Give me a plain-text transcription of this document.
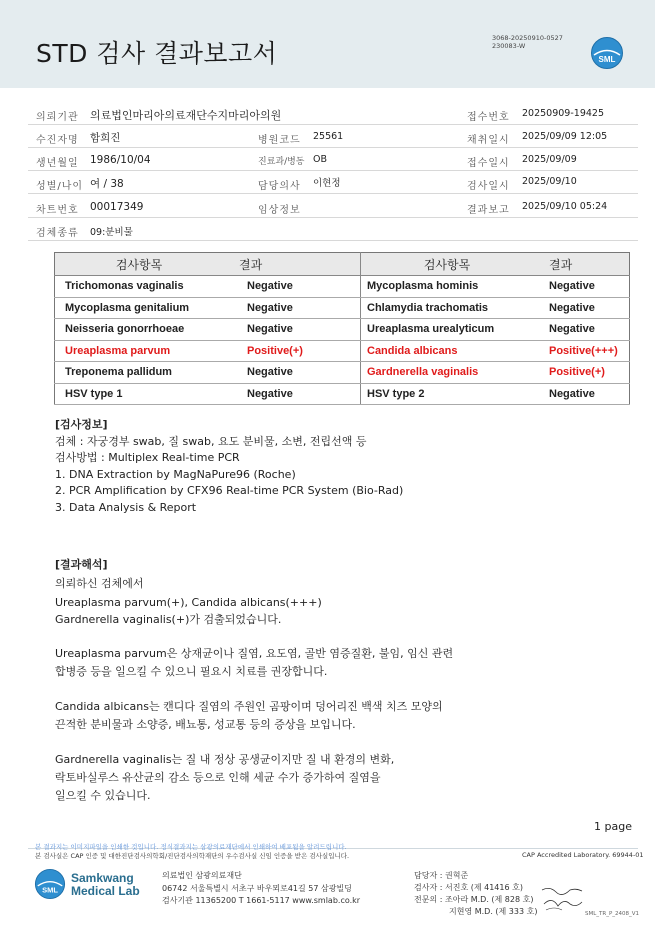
STD 검사 결과보고서
3068-20250910-0527
230083-W
SML
의뢰기관 의료법인마리아의료재단수지마리아의원	접수번호 20250909-19425
수진자명 함희진	병원코드 25561	채취일시 2025/09/09 12:05
생년월일 1986/10/04	진료과/병동 OB	접수일시 2025/09/09
성별/나이 여 / 38	담당의사 이현정	검사일시 2025/09/10
차트번호 00017349	임상정보	결과보고 2025/09/10 05:24
검체종류 09:분비물
검사항목	결과	검사항목	결과
Trichomonas vaginalis	Negative	Mycoplasma hominis	Negative
Mycoplasma genitalium	Negative	Chlamydia trachomatis	Negative
Neisseria gonorrhoeae	Negative	Ureaplasma urealyticum	Negative
Ureaplasma parvum	Positive(+)	Candida albicans	Positive(+++)
Treponema pallidum	Negative	Gardnerella vaginalis	Positive(+)
HSV type 1	Negative	HSV type 2	Negative
[검사정보]
검체 : 자궁경부 swab, 질 swab, 요도 분비물, 소변, 전립선액 등
검사방법 : Multiplex Real-time PCR
1. DNA Extraction by MagNaPure96 (Roche)
2. PCR Amplification by CFX96 Real-time PCR System (Bio-Rad)
3. Data Analysis & Report
[결과해석]
의뢰하신 검체에서
Ureaplasma parvum(+), Candida albicans(+++)
Gardnerella vaginalis(+)가 검출되었습니다.
Ureaplasma parvum은 상재균이나 질염, 요도염, 골반 염증질환, 불임, 임신 관련
합병증 등을 일으킬 수 있으니 필요시 치료를 권장합니다.
Candida albicans는 캔디다 질염의 주원인 곰팡이며 덩어리진 백색 치즈 모양의
끈적한 분비물과 소양증, 배뇨통, 성교통 등의 증상을 보입니다.
Gardnerella vaginalis는 질 내 정상 공생균이지만 질 내 환경의 변화,
락토바실루스 유산균의 감소 등으로 인해 세균 수가 증가하여 질염을
일으킬 수 있습니다.
1 page
본 결과지는 이미지파일을 인쇄한 것입니다. 정식결과지는 삼광의료재단에서 인쇄하여 배포됨을 알려드립니다.
본 검사실은 CAP 인증 및 대한진단검사의학회/진단검사의학재단의 우수검사실 신임 인증을 받은 검사실입니다.	CAP Accredited Laboratory. 69944-01
SML
Samkwang
Medical Lab
의료법인 삼광의료재단
06742 서울특별시 서초구 바우뫼로41길 57 삼광빌딩
검사기관 11365200 T 1661-5117 www.smlab.co.kr
담당자 : 권혁준
검사자 : 서진호 (제 41416 호)
전문의 : 조아라 M.D. (제 828 호)
지현영 M.D. (제 333 호)	SML_TR_P_2408_V1
